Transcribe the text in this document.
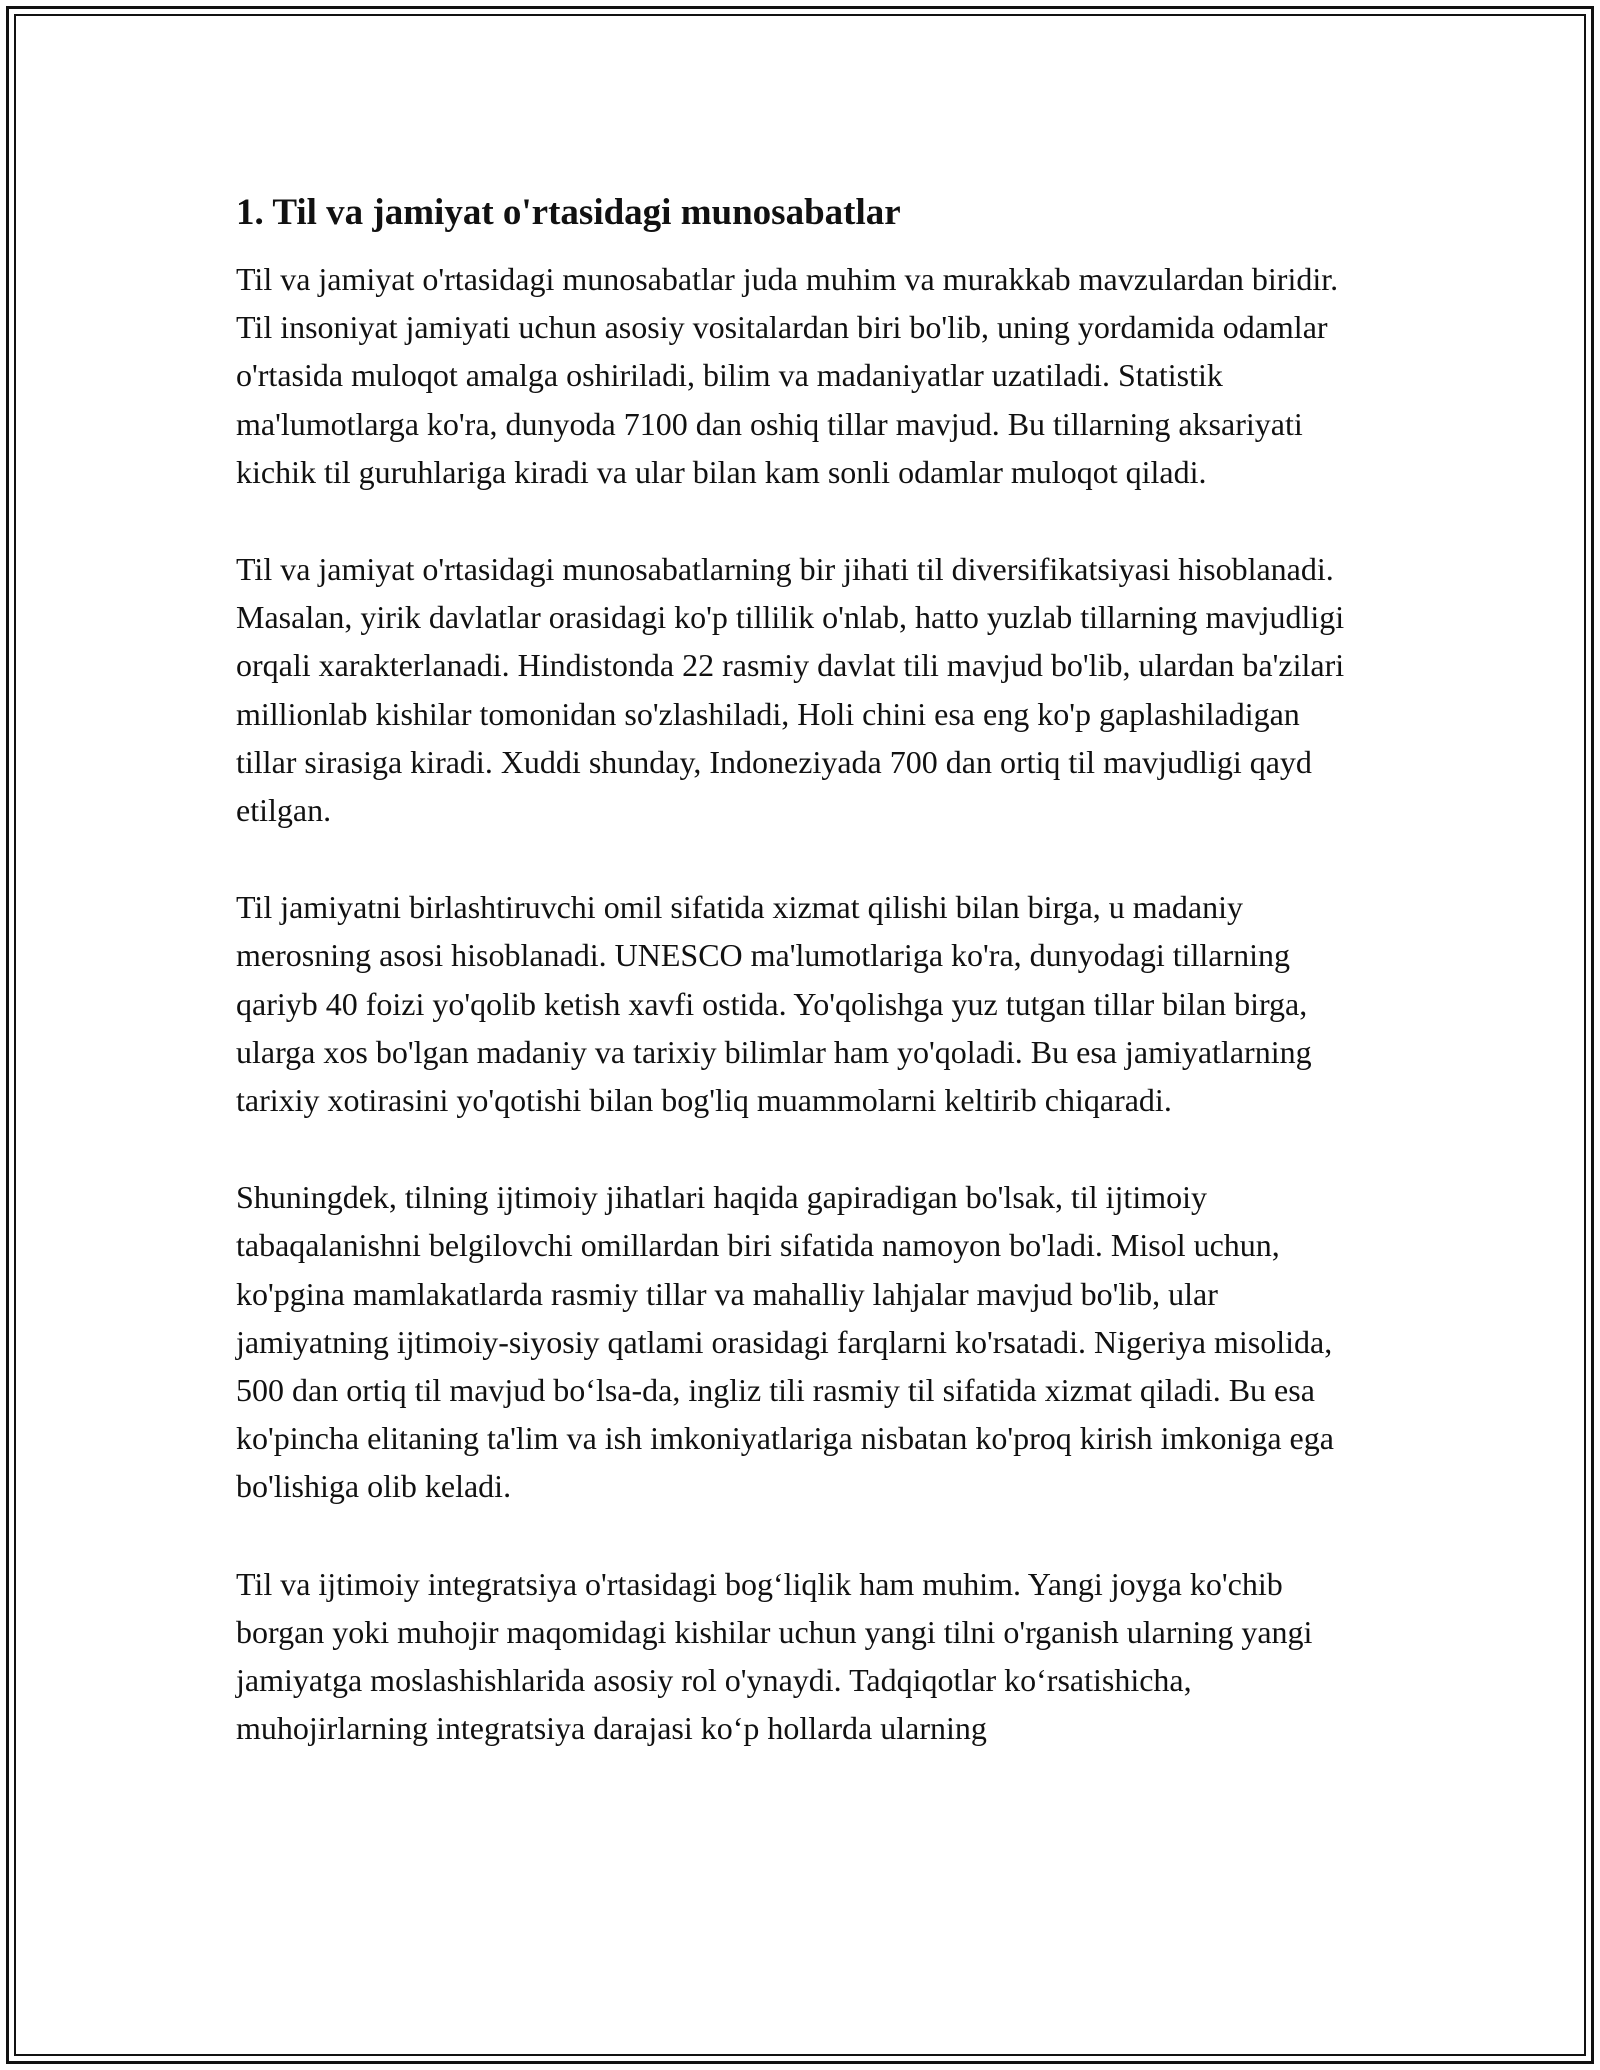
1. Til va jamiyat o'rtasidagi munosabatlar

Til va jamiyat o'rtasidagi munosabatlar juda muhim va murakkab mavzulardan biridir. Til insoniyat jamiyati uchun asosiy vositalardan biri bo'lib, uning yordamida odamlar o'rtasida muloqot amalga oshiriladi, bilim va madaniyatlar uzatiladi. Statistik ma'lumotlarga ko'ra, dunyoda 7100 dan oshiq tillar mavjud. Bu tillarning aksariyati kichik til guruhlariga kiradi va ular bilan kam sonli odamlar muloqot qiladi.

Til va jamiyat o'rtasidagi munosabatlarning bir jihati til diversifikatsiyasi hisoblanadi. Masalan, yirik davlatlar orasidagi ko'p tillilik o'nlab, hatto yuzlab tillarning mavjudligi orqali xarakterlanadi. Hindistonda 22 rasmiy davlat tili mavjud bo'lib, ulardan ba'zilari millionlab kishilar tomonidan so'zlashiladi, Holi chini esa eng ko'p gaplashiladigan tillar sirasiga kiradi. Xuddi shunday, Indoneziyada 700 dan ortiq til mavjudligi qayd etilgan.

Til jamiyatni birlashtiruvchi omil sifatida xizmat qilishi bilan birga, u madaniy merosning asosi hisoblanadi. UNESCO ma'lumotlariga ko'ra, dunyodagi tillarning qariyb 40 foizi yo'qolib ketish xavfi ostida. Yo'qolishga yuz tutgan tillar bilan birga, ularga xos bo'lgan madaniy va tarixiy bilimlar ham yo'qoladi. Bu esa jamiyatlarning tarixiy xotirasini yo'qotishi bilan bog'liq muammolarni keltirib chiqaradi.

Shuningdek, tilning ijtimoiy jihatlari haqida gapiradigan bo'lsak, til ijtimoiy tabaqalanishni belgilovchi omillardan biri sifatida namoyon bo'ladi. Misol uchun, ko'pgina mamlakatlarda rasmiy tillar va mahalliy lahjalar mavjud bo'lib, ular jamiyatning ijtimoiy-siyosiy qatlami orasidagi farqlarni ko'rsatadi. Nigeriya misolida, 500 dan ortiq til mavjud bo‘lsa-da, ingliz tili rasmiy til sifatida xizmat qiladi. Bu esa ko'pincha elitaning ta'lim va ish imkoniyatlariga nisbatan ko'proq kirish imkoniga ega bo'lishiga olib keladi.

Til va ijtimoiy integratsiya o'rtasidagi bog‘liqlik ham muhim. Yangi joyga ko'chib borgan yoki muhojir maqomidagi kishilar uchun yangi tilni o'rganish ularning yangi jamiyatga moslashishlarida asosiy rol o'ynaydi. Tadqiqotlar ko‘rsatishicha, muhojirlarning integratsiya darajasi ko‘p hollarda ularning
